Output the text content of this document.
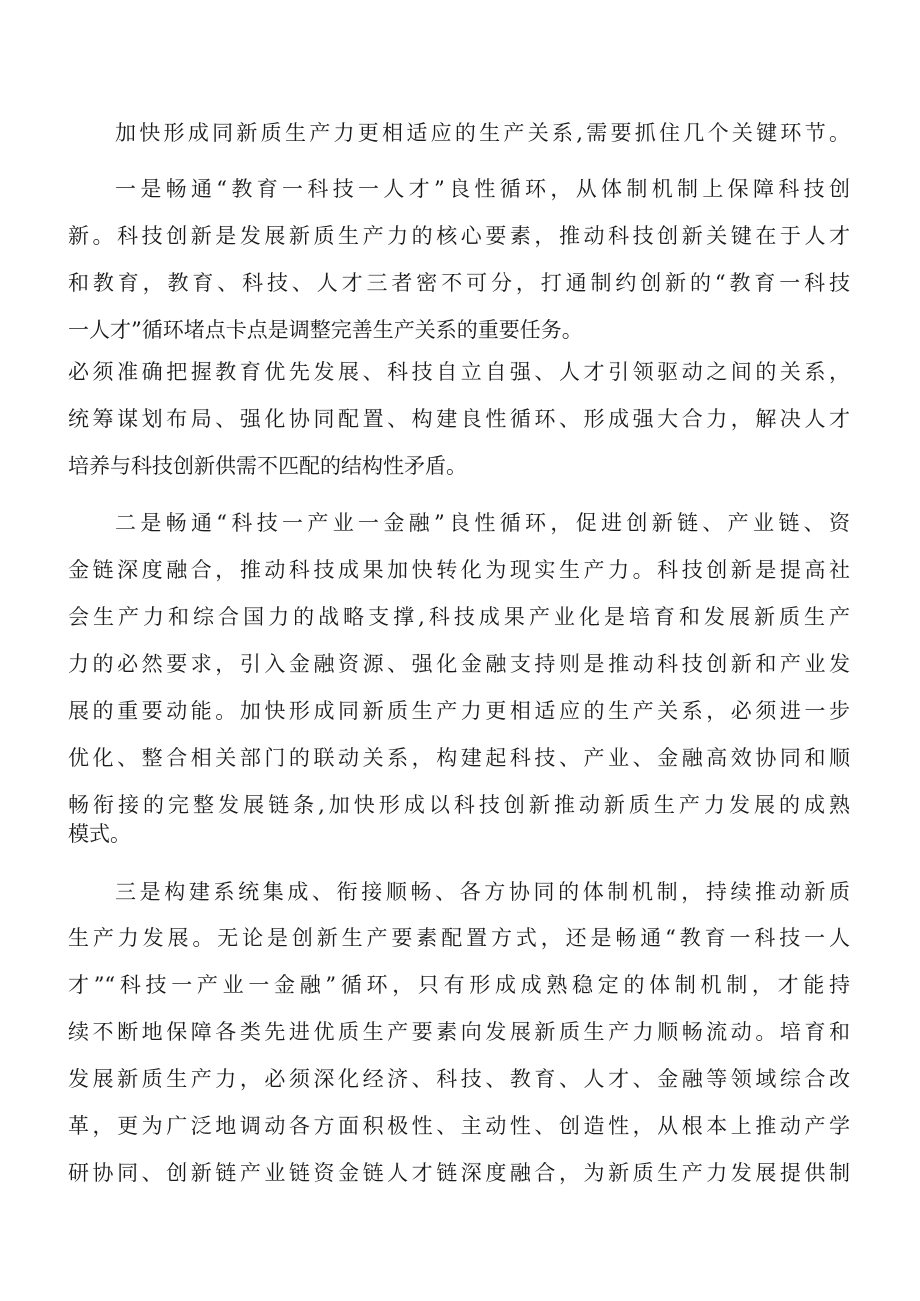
加快形成同新质生产力更相适应的生产关系,需要抓住几个关键环节。

一是畅通“教育一科技一人才”良性循环，从体制机制上保障科技创

新。科技创新是发展新质生产力的核心要素，推动科技创新关键在于人才

和教育，教育、科技、人才三者密不可分，打通制约创新的“教育一科技

一人才”循环堵点卡点是调整完善生产关系的重要任务。

必须准确把握教育优先发展、科技自立自强、人才引领驱动之间的关系，

统筹谋划布局、强化协同配置、构建良性循环、形成强大合力，解决人才

培养与科技创新供需不匹配的结构性矛盾。

二是畅通“科技一产业一金融”良性循环，促进创新链、产业链、资

金链深度融合，推动科技成果加快转化为现实生产力。科技创新是提高社

会生产力和综合国力的战略支撑,科技成果产业化是培育和发展新质生产

力的必然要求，引入金融资源、强化金融支持则是推动科技创新和产业发

展的重要动能。加快形成同新质生产力更相适应的生产关系，必须进一步

优化、整合相关部门的联动关系，构建起科技、产业、金融高效协同和顺

畅衔接的完整发展链条,加快形成以科技创新推动新质生产力发展的成熟

模式。

三是构建系统集成、衔接顺畅、各方协同的体制机制，持续推动新质

生产力发展。无论是创新生产要素配置方式，还是畅通“教育一科技一人

才”“科技一产业一金融”循环，只有形成成熟稳定的体制机制，才能持

续不断地保障各类先进优质生产要素向发展新质生产力顺畅流动。培育和

发展新质生产力，必须深化经济、科技、教育、人才、金融等领域综合改

革，更为广泛地调动各方面积极性、主动性、创造性，从根本上推动产学

研协同、创新链产业链资金链人才链深度融合，为新质生产力发展提供制
